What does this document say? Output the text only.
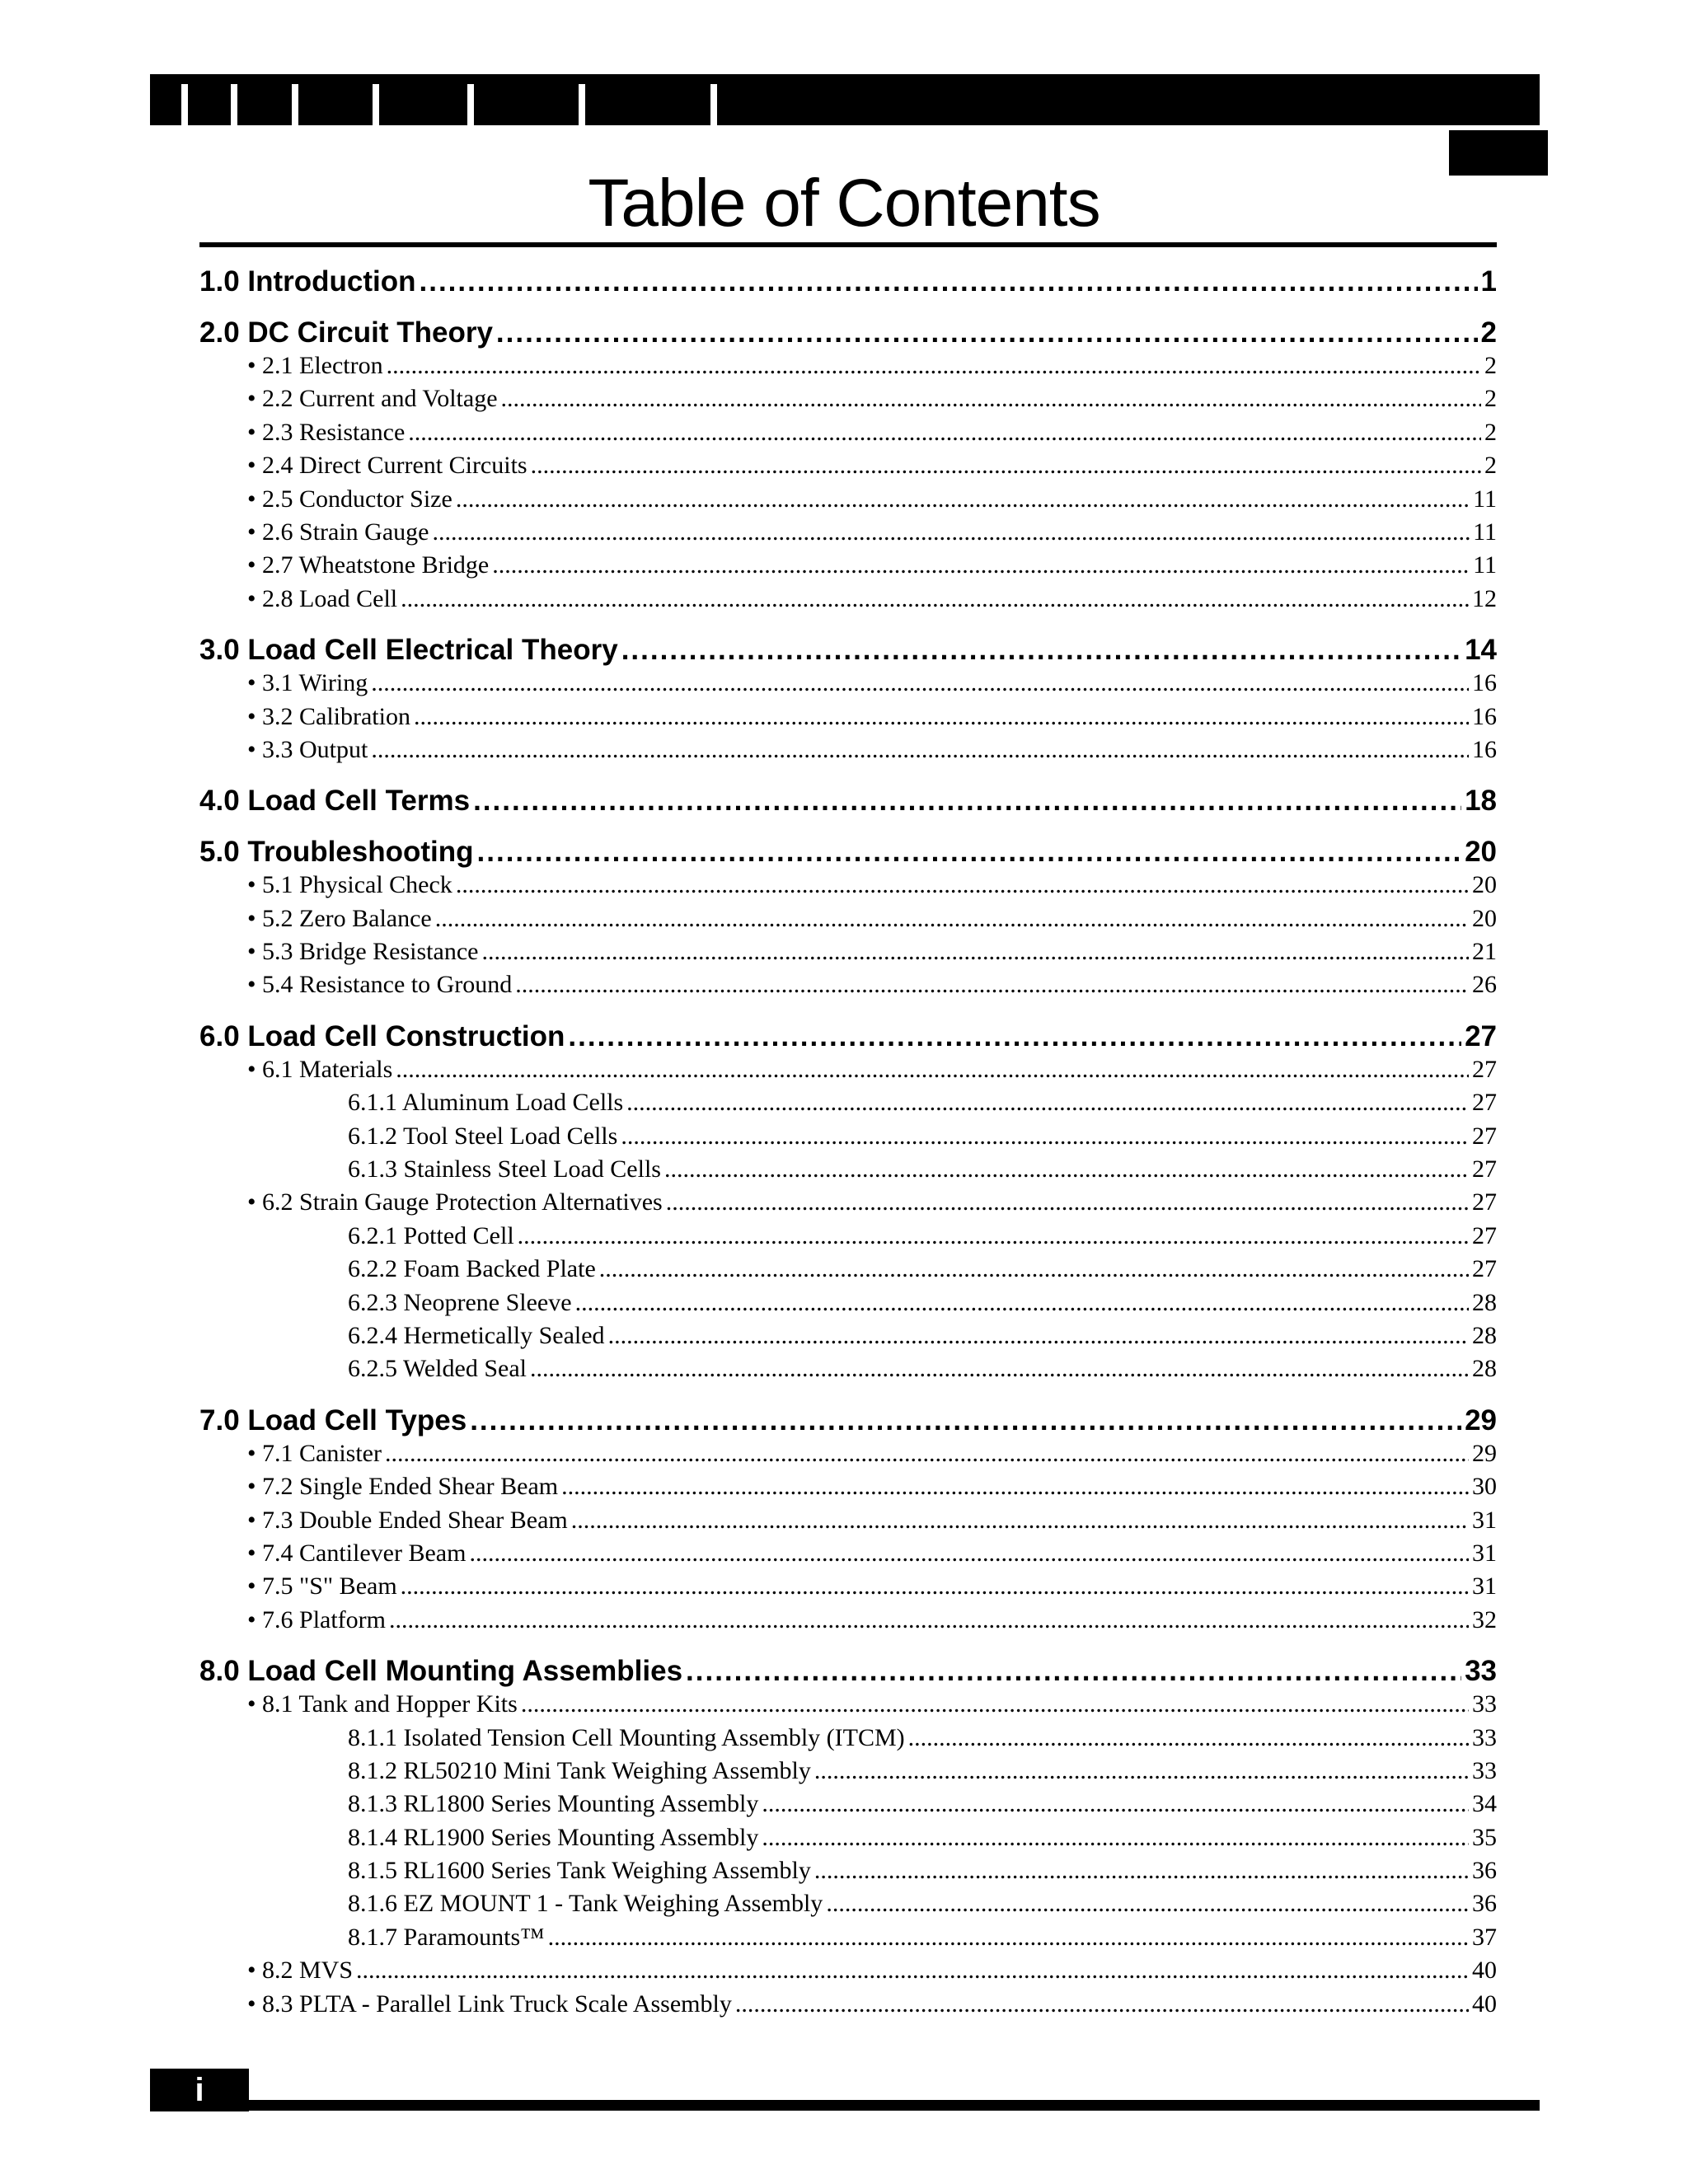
Table of Contents
1.0 Introduction .....	1
2.0 DC Circuit Theory .....	2
• 2.1 Electron .....	2
• 2.2 Current and Voltage .....	2
• 2.3 Resistance .....	2
• 2.4 Direct Current Circuits .....	2
• 2.5 Conductor Size .....	11
• 2.6 Strain Gauge .....	11
• 2.7 Wheatstone Bridge .....	11
• 2.8 Load Cell .....	12
3.0 Load Cell Electrical Theory .....	14
• 3.1 Wiring .....	16
• 3.2 Calibration .....	16
• 3.3 Output .....	16
4.0 Load Cell Terms .....	18
5.0 Troubleshooting .....	20
• 5.1 Physical Check .....	20
• 5.2 Zero Balance .....	20
• 5.3 Bridge Resistance .....	21
• 5.4 Resistance to Ground .....	26
6.0 Load Cell Construction .....	27
• 6.1 Materials .....	27
6.1.1 Aluminum Load Cells .....	27
6.1.2 Tool Steel Load Cells .....	27
6.1.3 Stainless Steel Load Cells .....	27
• 6.2 Strain Gauge Protection Alternatives .....	27
6.2.1 Potted Cell .....	27
6.2.2 Foam Backed Plate .....	27
6.2.3 Neoprene Sleeve .....	28
6.2.4 Hermetically Sealed .....	28
6.2.5 Welded Seal .....	28
7.0 Load Cell Types .....	29
• 7.1 Canister .....	29
• 7.2 Single Ended Shear Beam .....	30
• 7.3 Double Ended Shear Beam .....	31
• 7.4 Cantilever Beam .....	31
• 7.5 "S" Beam .....	31
• 7.6 Platform .....	32
8.0 Load Cell Mounting Assemblies .....	33
• 8.1 Tank and Hopper Kits .....	33
8.1.1 Isolated Tension Cell Mounting Assembly (ITCM) .....	33
8.1.2 RL50210 Mini Tank Weighing Assembly .....	33
8.1.3 RL1800 Series Mounting Assembly .....	34
8.1.4 RL1900 Series Mounting Assembly .....	35
8.1.5 RL1600 Series Tank Weighing Assembly .....	36
8.1.6 EZ MOUNT 1 - Tank Weighing Assembly .....	36
8.1.7 Paramounts™ .....	37
• 8.2 MVS .....	40
• 8.3 PLTA - Parallel Link Truck Scale Assembly .....	40
i
